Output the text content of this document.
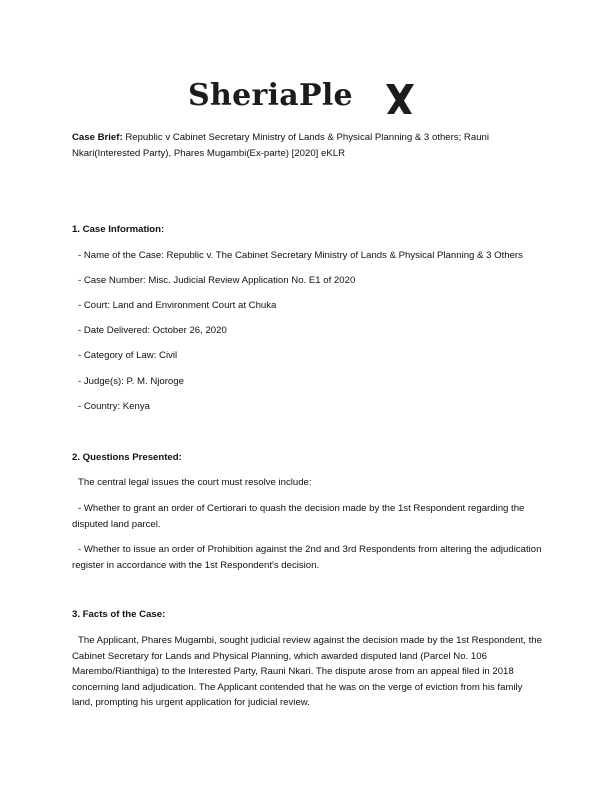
SheriaPle
Case Brief: Republic v Cabinet Secretary Ministry of Lands & Physical Planning & 3 others; Rauni Nkari(Interested Party), Phares Mugambi(Ex-parte) [2020] eKLR
1. Case Information:
- Name of the Case: Republic v. The Cabinet Secretary Ministry of Lands & Physical Planning & 3 Others
- Case Number: Misc. Judicial Review Application No. E1 of 2020
- Court: Land and Environment Court at Chuka
- Date Delivered: October 26, 2020
- Category of Law: Civil
- Judge(s): P. M. Njoroge
- Country: Kenya
2. Questions Presented:
The central legal issues the court must resolve include:
- Whether to grant an order of Certiorari to quash the decision made by the 1st Respondent regarding the disputed land parcel.
- Whether to issue an order of Prohibition against the 2nd and 3rd Respondents from altering the adjudication register in accordance with the 1st Respondent's decision.
3. Facts of the Case:
The Applicant, Phares Mugambi, sought judicial review against the decision made by the 1st Respondent, the Cabinet Secretary for Lands and Physical Planning, which awarded disputed land (Parcel No. 106 Marembo/Rianthiga) to the Interested Party, Rauni Nkari. The dispute arose from an appeal filed in 2018 concerning land adjudication. The Applicant contended that he was on the verge of eviction from his family land, prompting his urgent application for judicial review.
